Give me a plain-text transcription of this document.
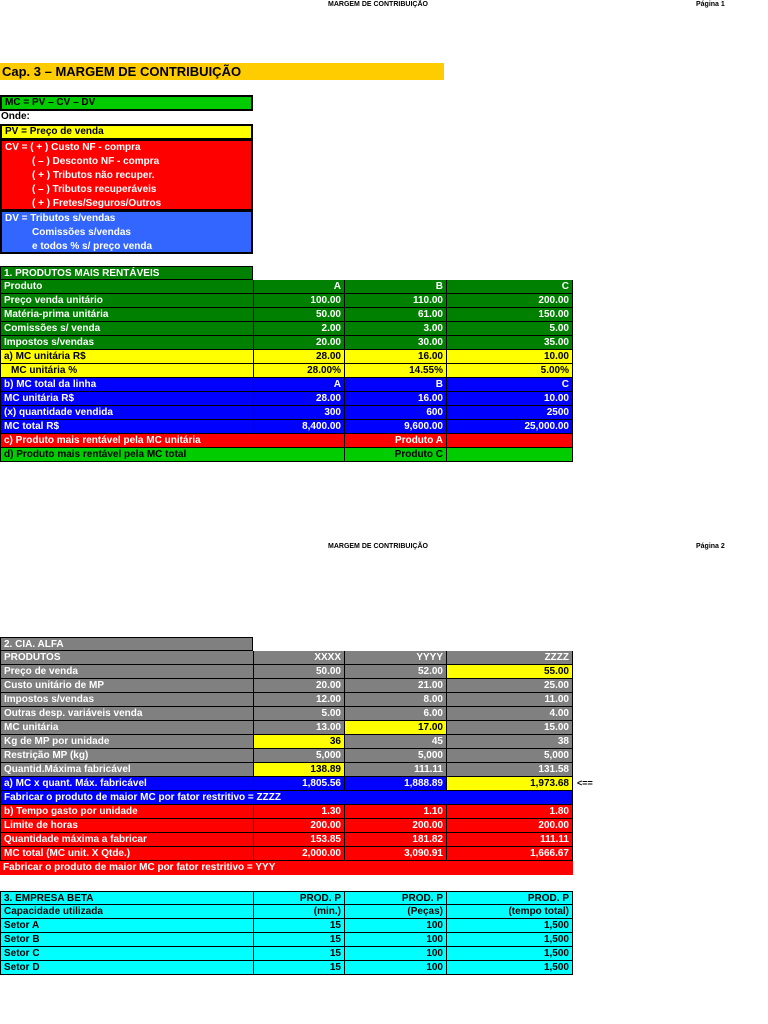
MARGEM DE CONTRIBUIÇÃO	Página 1
Cap. 3 – MARGEM DE CONTRIBUIÇÃO
MC = PV – CV – DV
Onde:
PV = Preço de venda
CV = ( + ) Custo NF - compra
( – ) Desconto NF - compra
( + ) Tributos não recuper.
( – ) Tributos recuperáveis
( + ) Fretes/Seguros/Outros
DV = Tributos s/vendas
Comissões s/vendas
e todos % s/ preço venda
1. PRODUTOS MAIS RENTÁVEIS
Produto	A	B	C
Preço venda unitário	100.00	110.00	200.00
Matéria-prima unitária	50.00	61.00	150.00
Comissões s/ venda	2.00	3.00	5.00
Impostos s/vendas	20.00	30.00	35.00
a) MC unitária R$	28.00	16.00	10.00
MC unitária %	28.00%	14.55%	5.00%
b) MC total da linha	A	B	C
MC unitária R$	28.00	16.00	10.00
(x) quantidade vendida	300	600	2500
MC total R$	8,400.00	9,600.00	25,000.00
c) Produto mais rentável pela MC unitária	Produto A
d) Produto mais rentável pela MC total	Produto C
MARGEM DE CONTRIBUIÇÃO	Página 2
2. CIA. ALFA
PRODUTOS	XXXX	YYYY	ZZZZ
Preço de venda	50.00	52.00	55.00
Custo unitário de MP	20.00	21.00	25.00
Impostos s/vendas	12.00	8.00	11.00
Outras desp. variáveis venda	5.00	6.00	4.00
MC unitária	13.00	17.00	15.00
Kg de MP por unidade	36	45	38
Restrição MP (kg)	5,000	5,000	5,000
Quantid.Máxima fabricável	138.89	111.11	131.58
a) MC x quant. Máx. fabricável	1,805.56	1,888.89	1,973.68 <==
Fabricar o produto de maior MC por fator restritivo = ZZZZ
b) Tempo gasto por unidade	1.30	1.10	1.80
Limite de horas	200.00	200.00	200.00
Quantidade máxima a fabricar	153.85	181.82	111.11
MC total (MC unit. X Qtde.)	2,000.00	3,090.91	1,666.67
Fabricar o produto de maior MC por fator restritivo = YYY
3. EMPRESA BETA	PROD. P	PROD. P	PROD. P
Capacidade utilizada	(min.)	(Peças)	(tempo total)
Setor A	15	100	1,500
Setor B	15	100	1,500
Setor C	15	100	1,500
Setor D	15	100	1,500
